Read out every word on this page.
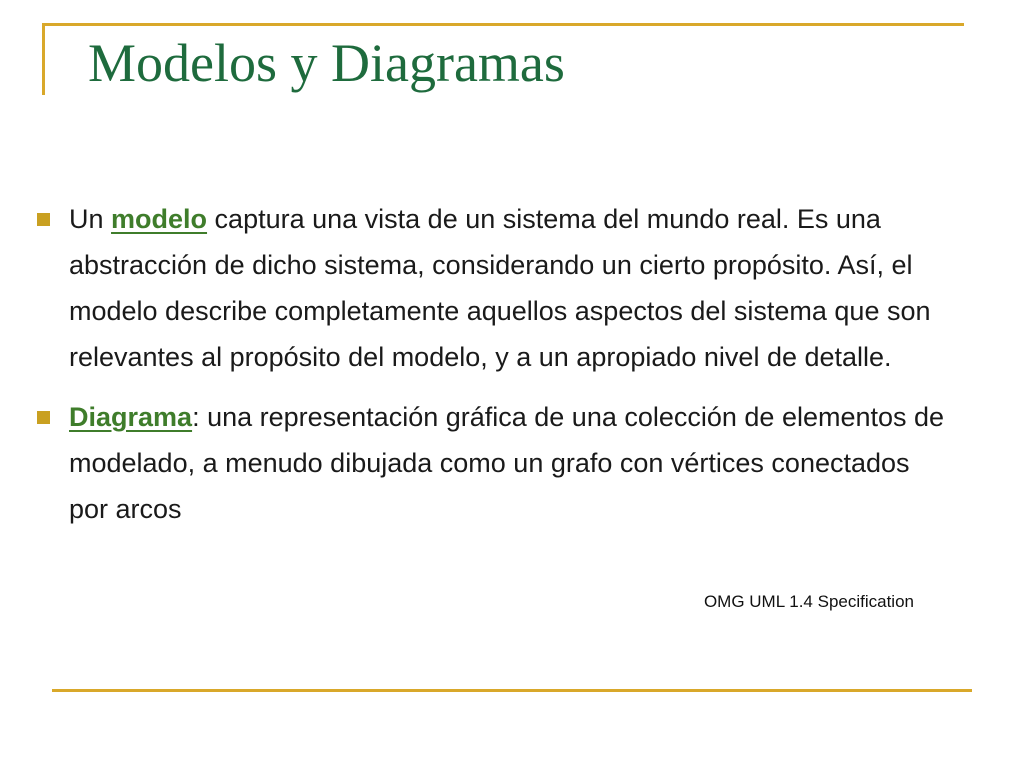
Modelos y Diagramas
Un modelo captura una vista de un sistema del mundo real. Es una abstracción de dicho sistema, considerando un cierto propósito. Así, el modelo describe completamente aquellos aspectos del sistema que son relevantes al propósito del modelo, y a un apropiado nivel de detalle.
Diagrama: una representación gráfica de una colección de elementos de modelado, a menudo dibujada como un grafo con vértices conectados por arcos
OMG UML 1.4 Specification
